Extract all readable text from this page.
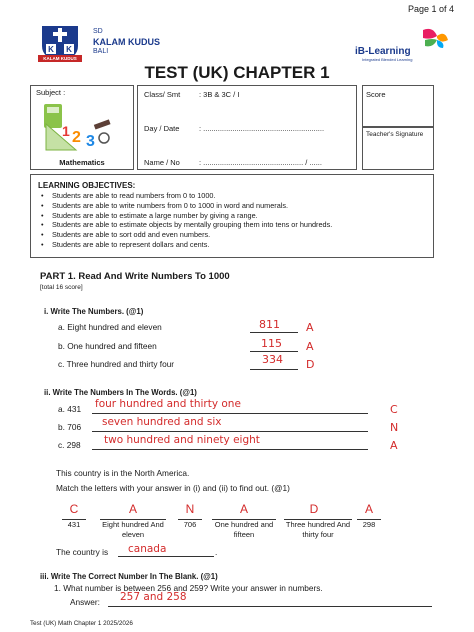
Page 1 of 4
K K
KALAM KUDUS
SD
KALAM KUDUS
BALI	iB-Learning
Integrated Blended Learning
TEST (UK) CHAPTER 1
Subject :
1 2 3
Mathematics
Class/ Smt : 3B & 3C / I
Day / Date	: ..........................................................
Name / No	: ................................................ / ......
Score
Teacher's Signature
LEARNING OBJECTIVES:
• Students are able to read numbers from 0 to 1000.
• Students are able to write numbers from 0 to 1000 in word and numerals.
• Students are able to estimate a large number by giving a range.
• Students are able to estimate objects by mentally grouping them into tens or hundreds.
• Students are able to sort odd and even numbers.
• Students are able to represent dollars and cents.
PART 1. Read And Write Numbers To 1000
[total 16 score]
i. Write The Numbers. (@1)
a. Eight hundred and eleven	811 A
b. One hundred and fifteen	115 A
c. Three hundred and thirty four	334 D
ii. Write The Numbers In The Words. (@1)
a. 431 four hundred and thirty one	C
b. 706 seven hundred and six	N
c. 298 two hundred and ninety eight	A
This country is in the North America.
Match the letters with your answer in (i) and (ii) to find out. (@1)
C
431
A
Eight hundred And eleven
N
706
A
One hundred and fifteen
D
Three hundred And thirty four
A
298
The country is canada	.
iii. Write The Correct Number In The Blank. (@1)
1. What number is between 256 and 259? Write your answer in numbers.
Answer: 257 and 258
Test (UK) Math Chapter 1 2025/2026
